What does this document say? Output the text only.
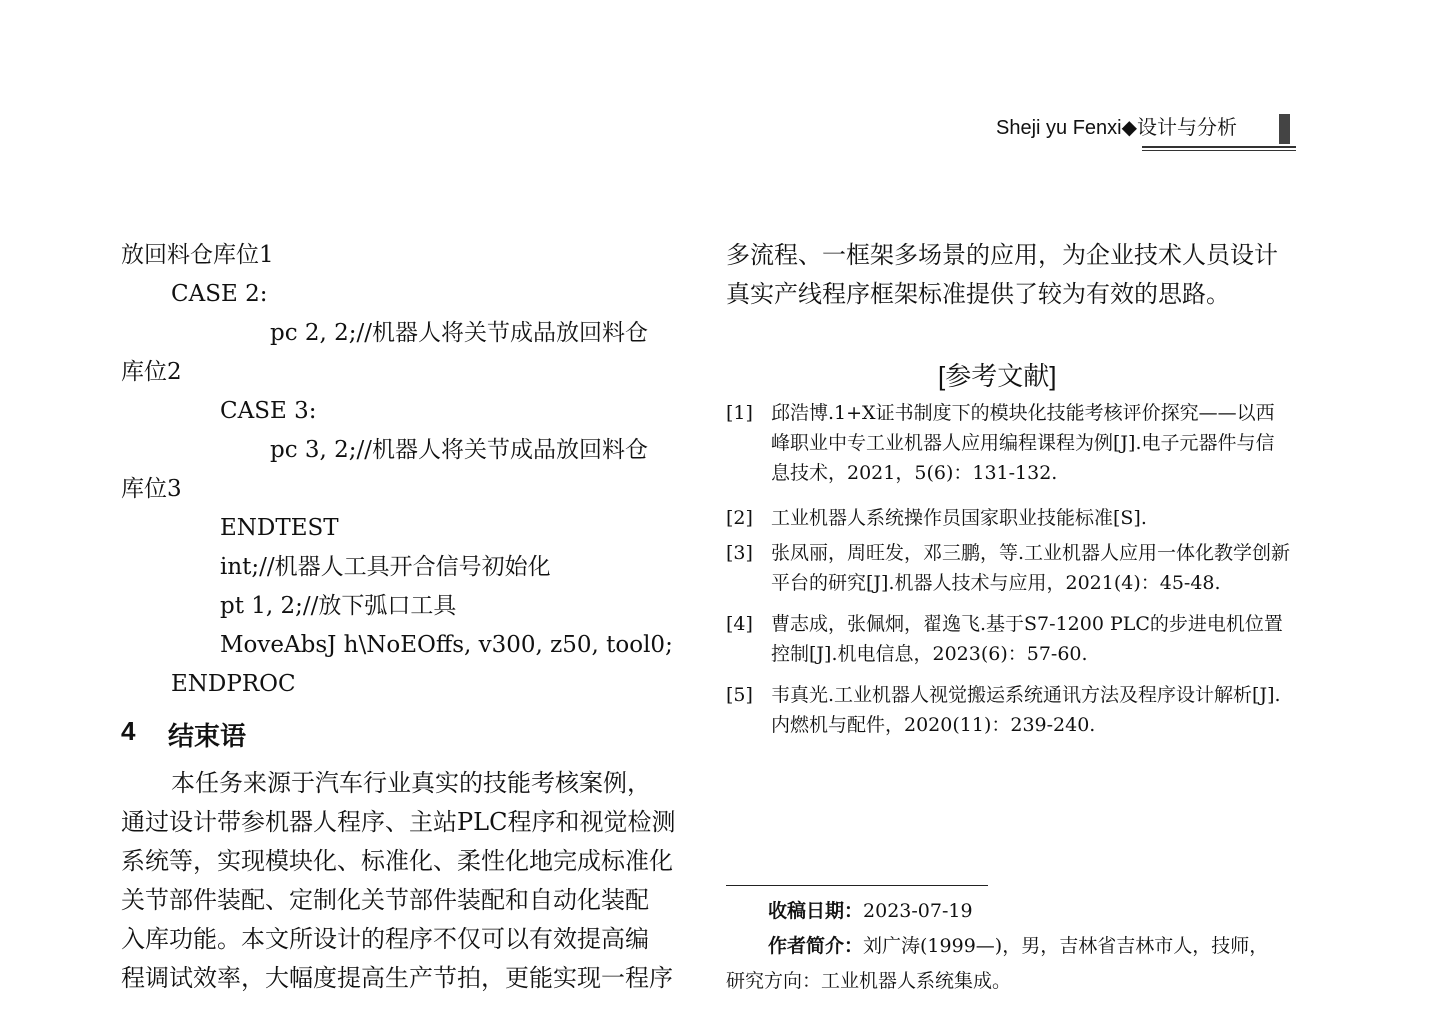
Sheji yu Fenxi◆设计与分析
放回料仓库位1
CASE 2:
pc 2, 2;//机器人将关节成品放回料仓
库位2
CASE 3:
pc 3, 2;//机器人将关节成品放回料仓
库位3
ENDTEST
int;//机器人工具开合信号初始化
pt 1, 2;//放下弧口工具
MoveAbsJ h\NoEOffs, v300, z50, tool0;
ENDPROC
4 结束语
本任务来源于汽车行业真实的技能考核案例，
通过设计带参机器人程序、主站PLC程序和视觉检测
系统等，实现模块化、标准化、柔性化地完成标准化
关节部件装配、定制化关节部件装配和自动化装配
入库功能。本文所设计的程序不仅可以有效提高编
程调试效率，大幅度提高生产节拍，更能实现一程序
多流程、一框架多场景的应用，为企业技术人员设计
真实产线程序框架标准提供了较为有效的思路。
[参考文献]
[1] 邱浩博.1+X证书制度下的模块化技能考核评价探究——以西峰职业中专工业机器人应用编程课程为例[J].电子元器件与信息技术，2021，5(6)：131-132.
[2] 工业机器人系统操作员国家职业技能标准[S].
[3] 张凤丽，周旺发，邓三鹏，等.工业机器人应用一体化教学创新平台的研究[J].机器人技术与应用，2021(4)：45-48.
[4] 曹志成，张佩炯，翟逸飞.基于S7-1200 PLC的步进电机位置控制[J].机电信息，2023(6)：57-60.
[5] 韦真光.工业机器人视觉搬运系统通讯方法及程序设计解析[J].内燃机与配件，2020(11)：239-240.
收稿日期：2023-07-19
作者简介：刘广涛(1999—)，男，吉林省吉林市人，技师，
研究方向：工业机器人系统集成。
